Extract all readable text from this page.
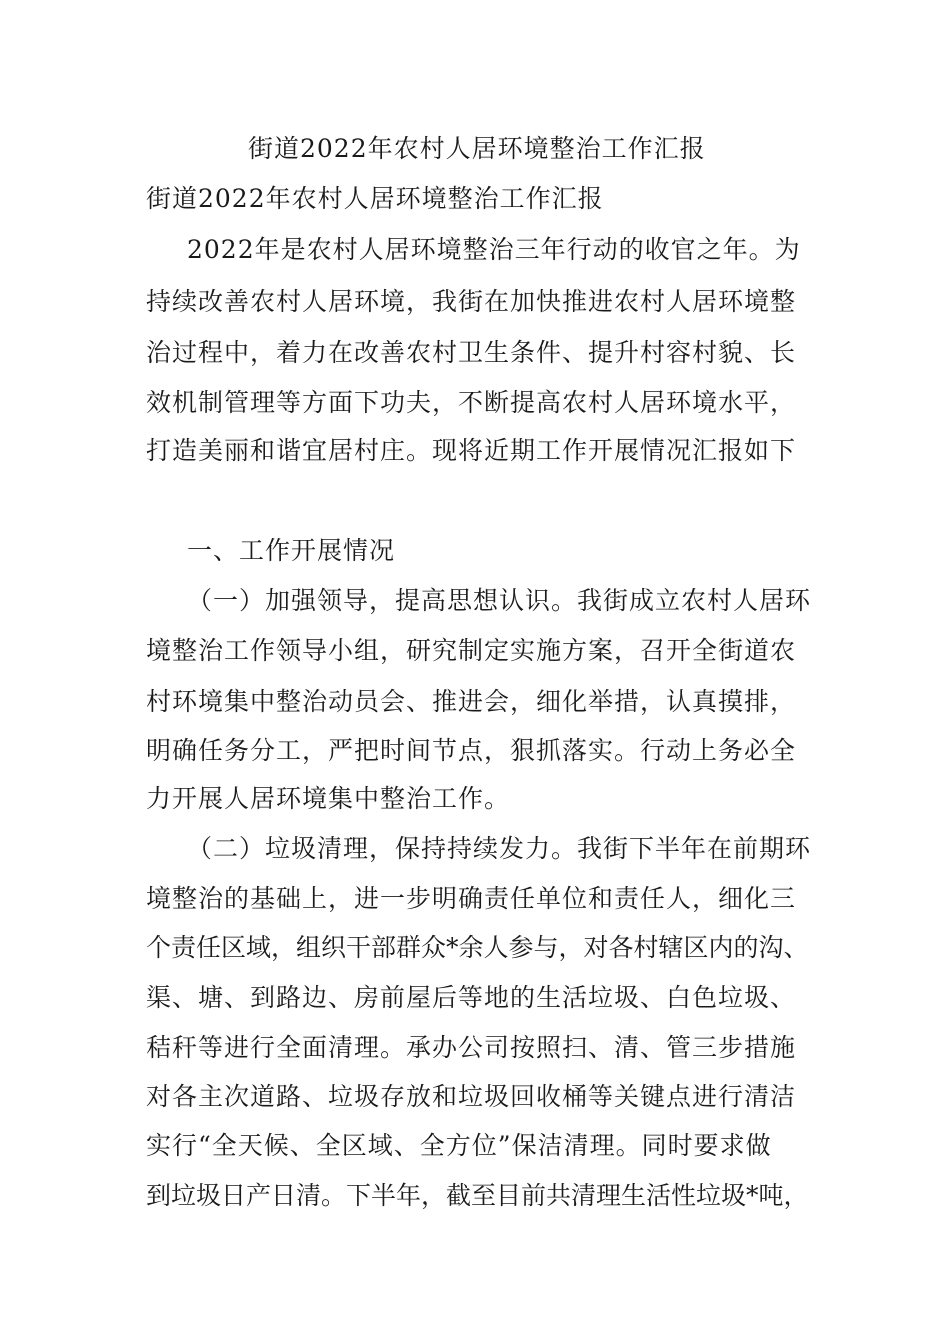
街道2022年农村人居环境整治工作汇报
街道2022年农村人居环境整治工作汇报
2022年是农村人居环境整治三年行动的收官之年。为
持续改善农村人居环境，我街在加快推进农村人居环境整
治过程中，着力在改善农村卫生条件、提升村容村貌、长
效机制管理等方面下功夫，不断提高农村人居环境水平，
打造美丽和谐宜居村庄。现将近期工作开展情况汇报如下
一、工作开展情况
（一）加强领导，提高思想认识。我街成立农村人居环
境整治工作领导小组，研究制定实施方案，召开全街道农
村环境集中整治动员会、推进会，细化举措，认真摸排，
明确任务分工，严把时间节点，狠抓落实。行动上务必全
力开展人居环境集中整治工作。
（二）垃圾清理，保持持续发力。我街下半年在前期环
境整治的基础上，进一步明确责任单位和责任人，细化三
个责任区域，组织干部群众*余人参与，对各村辖区内的沟、
渠、塘、到路边、房前屋后等地的生活垃圾、白色垃圾、
秸秆等进行全面清理。承办公司按照扫、清、管三步措施
对各主次道路、垃圾存放和垃圾回收桶等关键点进行清洁
实行“全天候、全区域、全方位”保洁清理。同时要求做
到垃圾日产日清。下半年，截至目前共清理生活性垃圾*吨，
